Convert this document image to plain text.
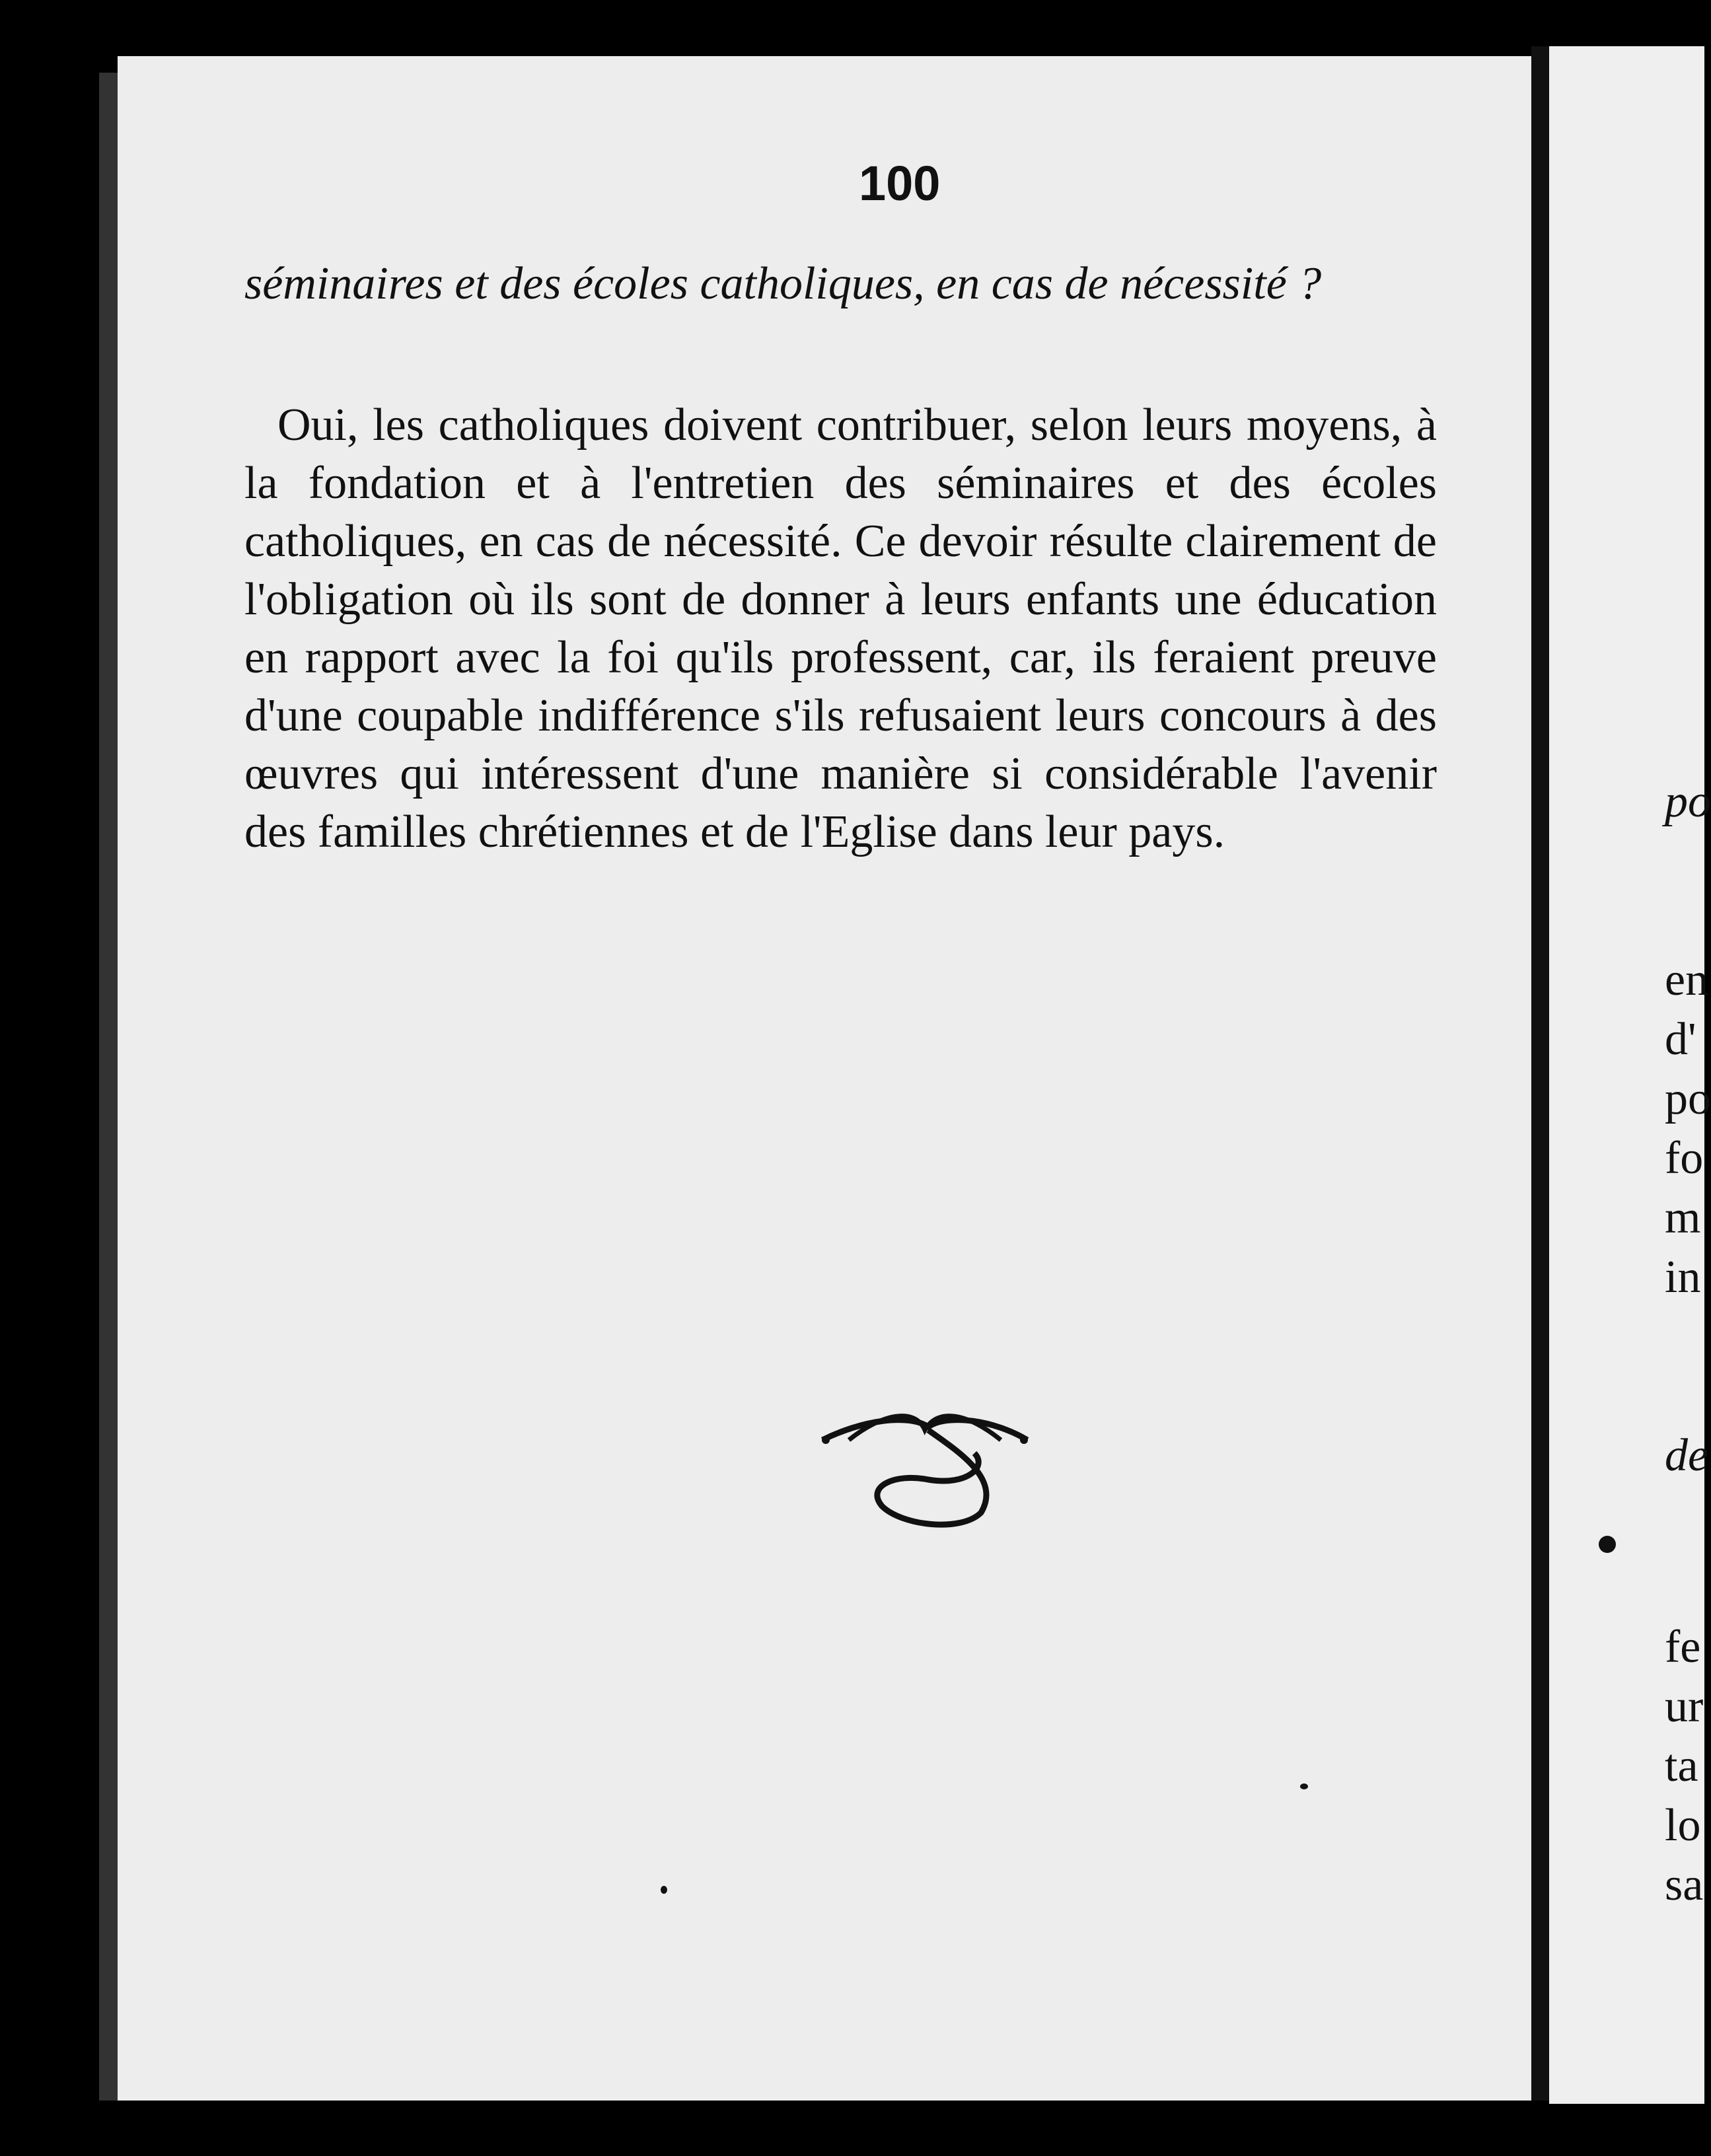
100
séminaires et des écoles catholiques, en cas de nécessité ?
Oui, les catholiques doivent contribuer, selon leurs moyens, à la fondation et à l'entretien des séminaires et des écoles catholiques, en cas de nécessité. Ce devoir résulte clairement de l'obligation où ils sont de donner à leurs enfants une éducation en rapport avec la foi qu'ils professent, car, ils feraient preuve d'une coupable indifférence s'ils refusaient leurs concours à des œuvres qui intéressent d'une manière si considérable l'avenir des familles chrétiennes et de l'Eglise dans leur pays.
po
en
d'
po
fo
m
in
de
fe
ur
ta
lo
sa
